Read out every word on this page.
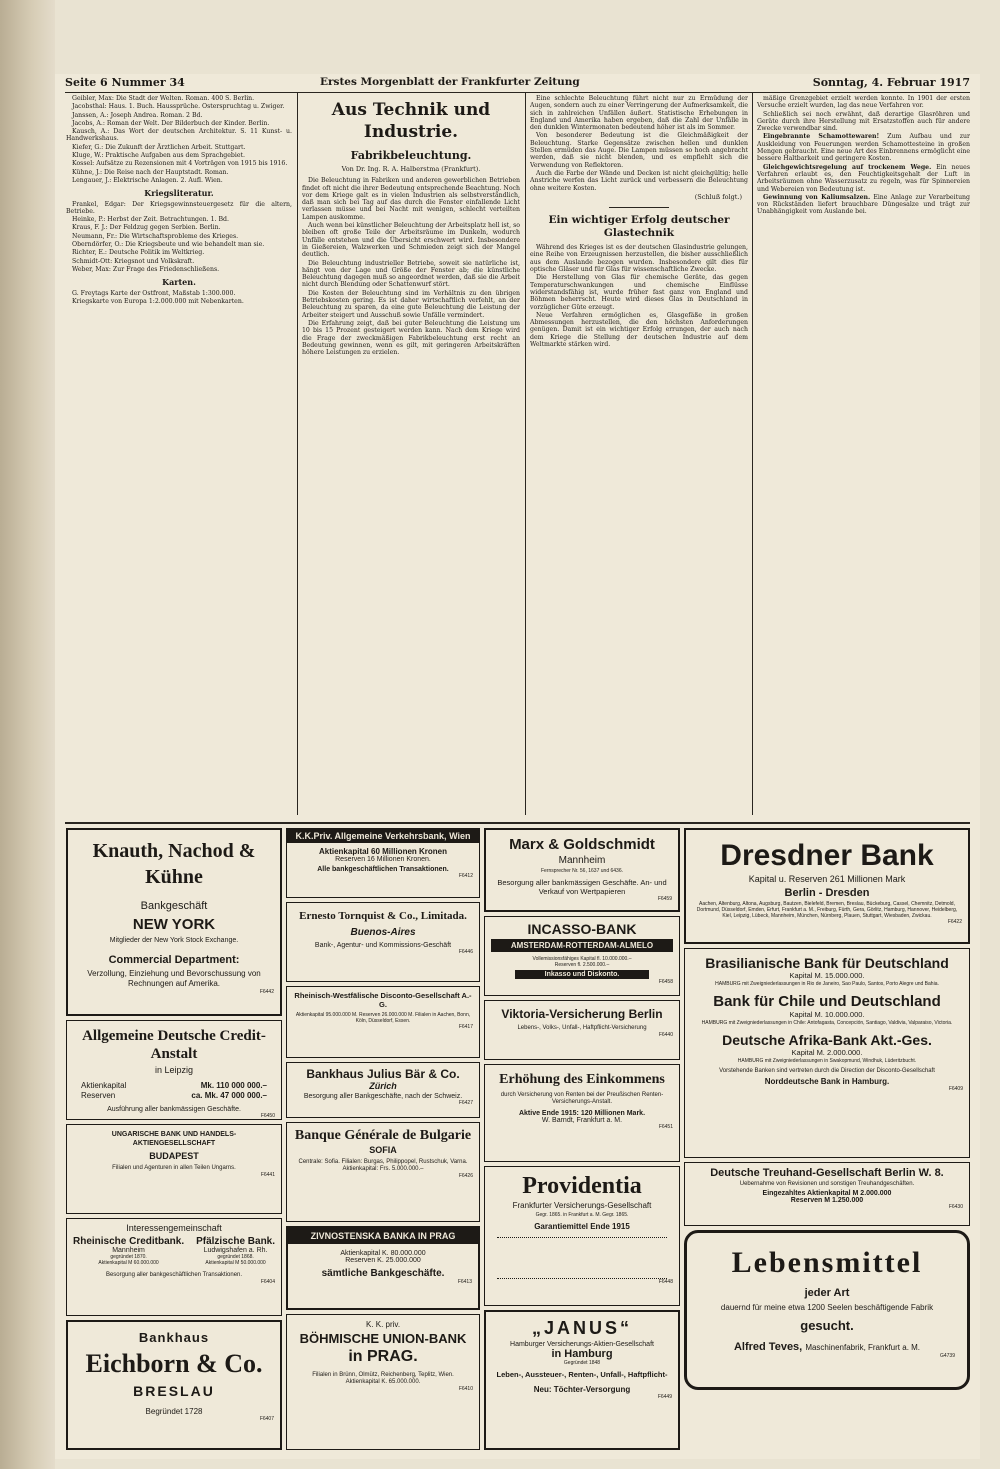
Seite 6 Nummer 34	Erstes Morgenblatt der Frankfurter Zeitung	Sonntag, 4. Februar 1917

Geibler, Max: Die Stadt der Welten. Roman. 400 S. Berlin.

Jacobsthal: Haus. 1. Buch. Haussprüche. Osterspruchtag u. Zwiger.

Janssen, A.: Joseph Andrea. Roman. 2 Bd.

Jacobs, A.: Roman der Welt. Der Bilderbuch der Kinder. Berlin.

Kausch, A.: Das Wort der deutschen Architektur. S. 11 Kunst- u. Handwerkshaus.

Kiefer, G.: Die Zukunft der Ärztlichen Arbeit. Stuttgart.

Kluge, W.: Praktische Aufgaben aus dem Sprachgebiet.

Kossel: Aufsätze zu Rezensionen mit 4 Vorträgen von 1915 bis 1916.

Kühne, J.: Die Reise nach der Hauptstadt. Roman.

Lengauer, J.: Elektrische Anlagen. 2. Aufl. Wien.

Kriegsliteratur.

Frankel, Edgar: Der Kriegsgewinnsteuergesetz für die altern, Betriebe.

Heinke, P.: Herbst der Zeit. Betrachtungen. 1. Bd.

Kraus, F. J.: Der Feldzug gegen Serbien. Berlin.

Neumann, Fr.: Die Wirtschaftsprobleme des Krieges.

Oberndörfer, O.: Die Kriegsbeute und wie behandelt man sie.

Richter, E.: Deutsche Politik im Weltkrieg.

Schmidt-Ott: Kriegsnot und Volkskraft.

Weber, Max: Zur Frage des Friedenschließens.

Karten.

G. Freytags Karte der Ostfront, Maßstab 1:300.000.

Kriegskarte von Europa 1:2.000.000 mit Nebenkarten.

Aus Technik und Industrie.
Fabrikbeleuchtung.
Von Dr. Ing. R. A. Halberstma (Frankfurt).

Die Beleuchtung in Fabriken und anderen gewerblichen Betrieben findet oft nicht die ihrer Bedeutung entsprechende Beachtung. Noch vor dem Kriege galt es in vielen Industrien als selbstverständlich, daß man sich bei Tag auf das durch die Fenster einfallende Licht verlassen müsse und bei Nacht mit wenigen, schlecht verteilten Lampen auskomme.

Auch wenn bei künstlicher Beleuchtung der Arbeitsplatz hell ist, so bleiben oft große Teile der Arbeitsräume im Dunkeln, wodurch Unfälle entstehen und die Übersicht erschwert wird. Insbesondere in Gießereien, Walzwerken und Schmieden zeigt sich der Mangel deutlich.

Die Beleuchtung industrieller Betriebe, soweit sie natürliche ist, hängt von der Lage und Größe der Fenster ab; die künstliche Beleuchtung dagegen muß so angeordnet werden, daß sie die Arbeit nicht durch Blendung oder Schattenwurf stört.

Die Kosten der Beleuchtung sind im Verhältnis zu den übrigen Betriebskosten gering. Es ist daher wirtschaftlich verfehlt, an der Beleuchtung zu sparen, da eine gute Beleuchtung die Leistung der Arbeiter steigert und Ausschuß sowie Unfälle vermindert.

Die Erfahrung zeigt, daß bei guter Beleuchtung die Leistung um 10 bis 15 Prozent gesteigert werden kann. Nach dem Kriege wird die Frage der zweckmäßigen Fabrikbeleuchtung erst recht an Bedeutung gewinnen, wenn es gilt, mit geringeren Arbeitskräften höhere Leistungen zu erzielen.

Eine schlechte Beleuchtung führt nicht nur zu Ermüdung der Augen, sondern auch zu einer Verringerung der Aufmerksamkeit, die sich in zahlreichen Unfällen äußert. Statistische Erhebungen in England und Amerika haben ergeben, daß die Zahl der Unfälle in den dunklen Wintermonaten bedeutend höher ist als im Sommer.

Von besonderer Bedeutung ist die Gleichmäßigkeit der Beleuchtung. Starke Gegensätze zwischen hellen und dunklen Stellen ermüden das Auge. Die Lampen müssen so hoch angebracht werden, daß sie nicht blenden, und es empfiehlt sich die Verwendung von Reflektoren.

Auch die Farbe der Wände und Decken ist nicht gleichgültig; helle Anstriche werfen das Licht zurück und verbessern die Beleuchtung ohne weitere Kosten.

(Schluß folgt.)
Ein wichtiger Erfolg deutscher Glastechnik

Während des Krieges ist es der deutschen Glasindustrie gelungen, eine Reihe von Erzeugnissen herzustellen, die bisher ausschließlich aus dem Auslande bezogen wurden. Insbesondere gilt dies für optische Gläser und für Glas für wissenschaftliche Zwecke.

Die Herstellung von Glas für chemische Geräte, das gegen Temperaturschwankungen und chemische Einflüsse widerstandsfähig ist, wurde früher fast ganz von England und Böhmen beherrscht. Heute wird dieses Glas in Deutschland in vorzüglicher Güte erzeugt.

Neue Verfahren ermöglichen es, Glasgefäße in großen Abmessungen herzustellen, die den höchsten Anforderungen genügen. Damit ist ein wichtiger Erfolg errungen, der auch nach dem Kriege die Stellung der deutschen Industrie auf dem Weltmarkte stärken wird.

mäßige Grenzgebiet erzielt werden konnte. In 1901 der ersten Versuche erzielt wurden, lag das neue Verfahren vor.

Schließlich sei noch erwähnt, daß derartige Glasröhren und Geräte durch ihre Herstellung mit Ersatzstoffen auch für andere Zwecke verwendbar sind.

Eingebrannte Schamottewaren! Zum Aufbau und zur Auskleidung von Feuerungen werden Schamottesteine in großen Mengen gebraucht. Eine neue Art des Einbrennens ermöglicht eine bessere Haltbarkeit und geringere Kosten.

Gleichgewichtsregelung auf trockenem Wege. Ein neues Verfahren erlaubt es, den Feuchtigkeitsgehalt der Luft in Arbeitsräumen ohne Wasserzusatz zu regeln, was für Spinnereien und Webereien von Bedeutung ist.

Gewinnung von Kaliumsalzen. Eine Anlage zur Verarbeitung von Rückständen liefert brauchbare Düngesalze und trägt zur Unabhängigkeit vom Auslande bei.

Knauth, Nachod & Kühne
Bankgeschäft
NEW YORK
Mitglieder der New York Stock Exchange.
Commercial Department:
Verzollung, Einziehung und Bevorschussung von Rechnungen auf Amerika.
F6442
Allgemeine Deutsche Credit-Anstalt
in Leipzig
Aktienkapital	Mk. 110 000 000.–
Reserven	ca. Mk. 47 000 000.–
Ausführung aller bankmässigen Geschäfte.
F6450
UNGARISCHE BANK UND HANDELS-AKTIENGESELLSCHAFT
BUDAPEST
Filialen und Agenturen in allen Teilen Ungarns.
F6441
Interessengemeinschaft
Rheinische Creditbank.
Mannheim
gegründet 1870.
Aktienkapital M 60.000.000
Pfälzische Bank.
Ludwigshafen a. Rh.
gegründet 1868.
Aktienkapital M 50.000.000
Besorgung aller bankgeschäftlichen Transaktionen.
F6404
Bankhaus
Eichborn & Co.
BRESLAU
Begründet 1728
F6407
K.K.Priv. Allgemeine Verkehrsbank, Wien
Aktienkapital 60 Millionen Kronen
Reserven 16 Millionen Kronen.
Alle bankgeschäftlichen Transaktionen.
F6412
Ernesto Tornquist & Co., Limitada.
Buenos-Aires
Bank-, Agentur- und Kommissions-Geschäft
F6446
Rheinisch-Westfälische Disconto-Gesellschaft A.-G.
Aktienkapital 95.000.000 M. Reserven 26.000.000 M. Filialen in Aachen, Bonn, Köln, Düsseldorf, Essen.
F6417
Bankhaus Julius Bär & Co.
Zürich
Besorgung aller Bankgeschäfte, nach der Schweiz.
F6427
Banque Générale de Bulgarie
SOFIA
Centrale: Sofia. Filialen: Burgas, Philippopel, Rustschuk, Varna. Aktienkapital: Frs. 5.000.000.–
F6426
ZIVNOSTENSKA BANKA IN PRAG
Aktienkapital K. 80.000.000
Reserven K. 25.000.000
sämtliche Bankgeschäfte.
F6413
K. K. priv.
BÖHMISCHE UNION-BANK
in PRAG.
Filialen in Brünn, Olmütz, Reichenberg, Teplitz, Wien. Aktienkapital K. 65.000.000.
F6410
Marx & Goldschmidt
Mannheim
Fernsprecher Nr. 56, 1637 und 6436.
Besorgung aller bankmässigen Geschäfte. An- und Verkauf von Wertpapieren
F6459
INCASSO-BANK
AMSTERDAM-ROTTERDAM-ALMELO
Vollemissionsfähiges Kapital fl. 10.000.000.–
Reserven fl. 2.500.000.–
Inkasso und Diskonto.
F6458
Viktoria-Versicherung Berlin
Lebens-, Volks-, Unfall-, Haftpflicht-Versicherung
F6440
Erhöhung des Einkommens
durch Versicherung von Renten bei der Preußischen Renten-Versicherungs-Anstalt.
Aktive Ende 1915: 120 Millionen Mark.
W. Barndt, Frankfurt a. M.
F6451
Providentia
Frankfurter Versicherungs-Gesellschaft
Gegr. 1865. in Frankfurt a. M. Gegr. 1865.
Garantiemittel Ende 1915
F6448
„JANUS“
Hamburger Versicherungs-Aktien-Gesellschaft
in Hamburg
Gegründet 1848
Leben-, Aussteuer-, Renten-, Unfall-, Haftpflicht-
Neu: Töchter-Versorgung
F6449
Dresdner Bank
Kapital u. Reserven 261 Millionen Mark
Berlin - Dresden
Aachen, Altenburg, Altona, Augsburg, Bautzen, Bielefeld, Bremen, Breslau, Bückeburg, Cassel, Chemnitz, Detmold, Dortmund, Düsseldorf, Emden, Erfurt, Frankfurt a. M., Freiburg, Fürth, Gera, Görlitz, Hamburg, Hannover, Heidelberg, Kiel, Leipzig, Lübeck, Mannheim, München, Nürnberg, Plauen, Stuttgart, Wiesbaden, Zwickau.
F6422
Brasilianische Bank für Deutschland
Kapital M. 15.000.000.
HAMBURG mit Zweigniederlassungen in Rio de Janeiro, Sao Paulo, Santos, Porto Alegre und Bahia.
Bank für Chile und Deutschland
Kapital M. 10.000.000.
HAMBURG mit Zweigniederlassungen in Chile: Antofagasta, Concepción, Santiago, Valdivia, Valparaiso, Victoria.
Deutsche Afrika-Bank Akt.-Ges.
Kapital M. 2.000.000.
HAMBURG mit Zweigniederlassungen in Swakopmund, Windhuk, Lüderitzbucht.
Vorstehende Banken sind vertreten durch die Direction der Disconto-Gesellschaft
Norddeutsche Bank in Hamburg.
F6409
Deutsche Treuhand-Gesellschaft Berlin W. 8.
Uebernahme von Revisionen und sonstigen Treuhandgeschäften.
Eingezahltes Aktienkapital M 2.000.000
Reserven M 1.250.000
F6430
Lebensmittel
jeder Art
dauernd für meine etwa 1200 Seelen beschäftigende Fabrik
gesucht.
Alfred Teves, Maschinenfabrik, Frankfurt a. M.
G4739
